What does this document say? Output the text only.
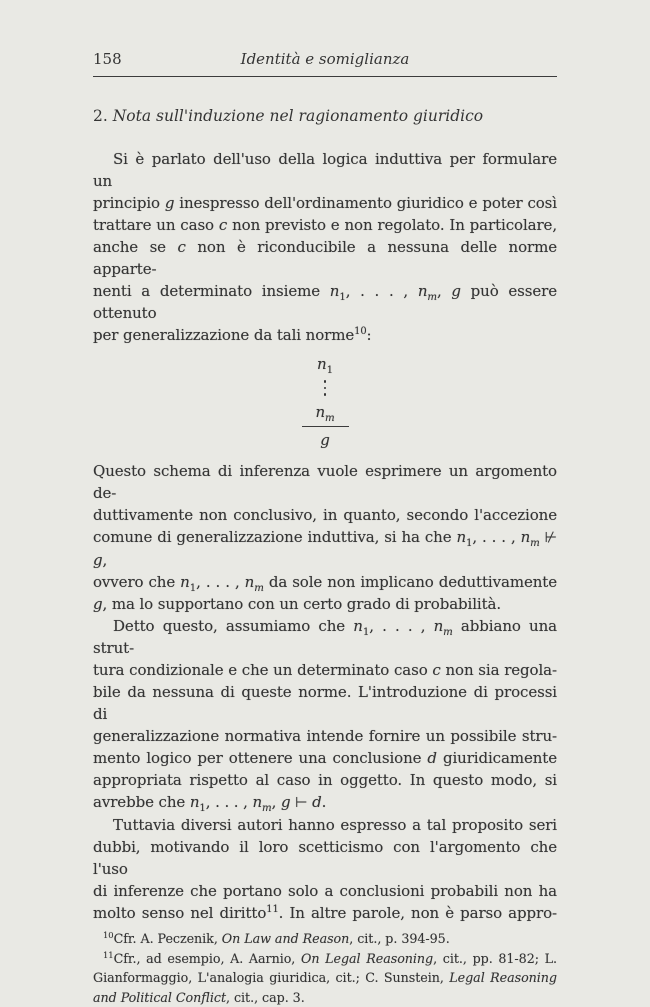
158	Identità e somiglianza
2. Nota sull'induzione nel ragionamento giuridico
Si è parlato dell'uso della logica induttiva per formulare un
principio g inespresso dell'ordinamento giuridico e poter così
trattare un caso c non previsto e non regolato. In particolare,
anche se c non è riconducibile a nessuna delle norme apparte-
nenti a determinato insieme $n_1$, . . . , $n_m$, g può essere ottenuto
per generalizzazione da tali norme$^{10}$:
$n_1$
$n_m$
g
Questo schema di inferenza vuole esprimere un argomento de-
duttivamente non conclusivo, in quanto, secondo l'accezione
comune di generalizzazione induttiva, si ha che $n_1$, . . . , $n_m$ ⊬ g,
ovvero che $n_1$, . . . , $n_m$ da sole non implicano deduttivamente
g, ma lo supportano con un certo grado di probabilità.
Detto questo, assumiamo che $n_1$, . . . , $n_m$ abbiano una strut-
tura condizionale e che un determinato caso c non sia regola-
bile da nessuna di queste norme. L'introduzione di processi di
generalizzazione normativa intende fornire un possibile stru-
mento logico per ottenere una conclusione d giuridicamente
appropriata rispetto al caso in oggetto. In questo modo, si
avrebbe che $n_1$, . . . , $n_m$, g ⊢ d.
Tuttavia diversi autori hanno espresso a tal proposito seri
dubbi, motivando il loro scetticismo con l'argomento che l'uso
di inferenze che portano solo a conclusioni probabili non ha
molto senso nel diritto$^{11}$. In altre parole, non è parso appro-
$^{10}$Cfr. A. Peczenik, On Law and Reason, cit., p. 394-95.
$^{11}$Cfr., ad esempio, A. Aarnio, On Legal Reasoning, cit., pp. 81-82; L.
Gianformaggio, L'analogia giuridica, cit.; C. Sunstein, Legal Reasoning
and Political Conflict, cit., cap. 3.
